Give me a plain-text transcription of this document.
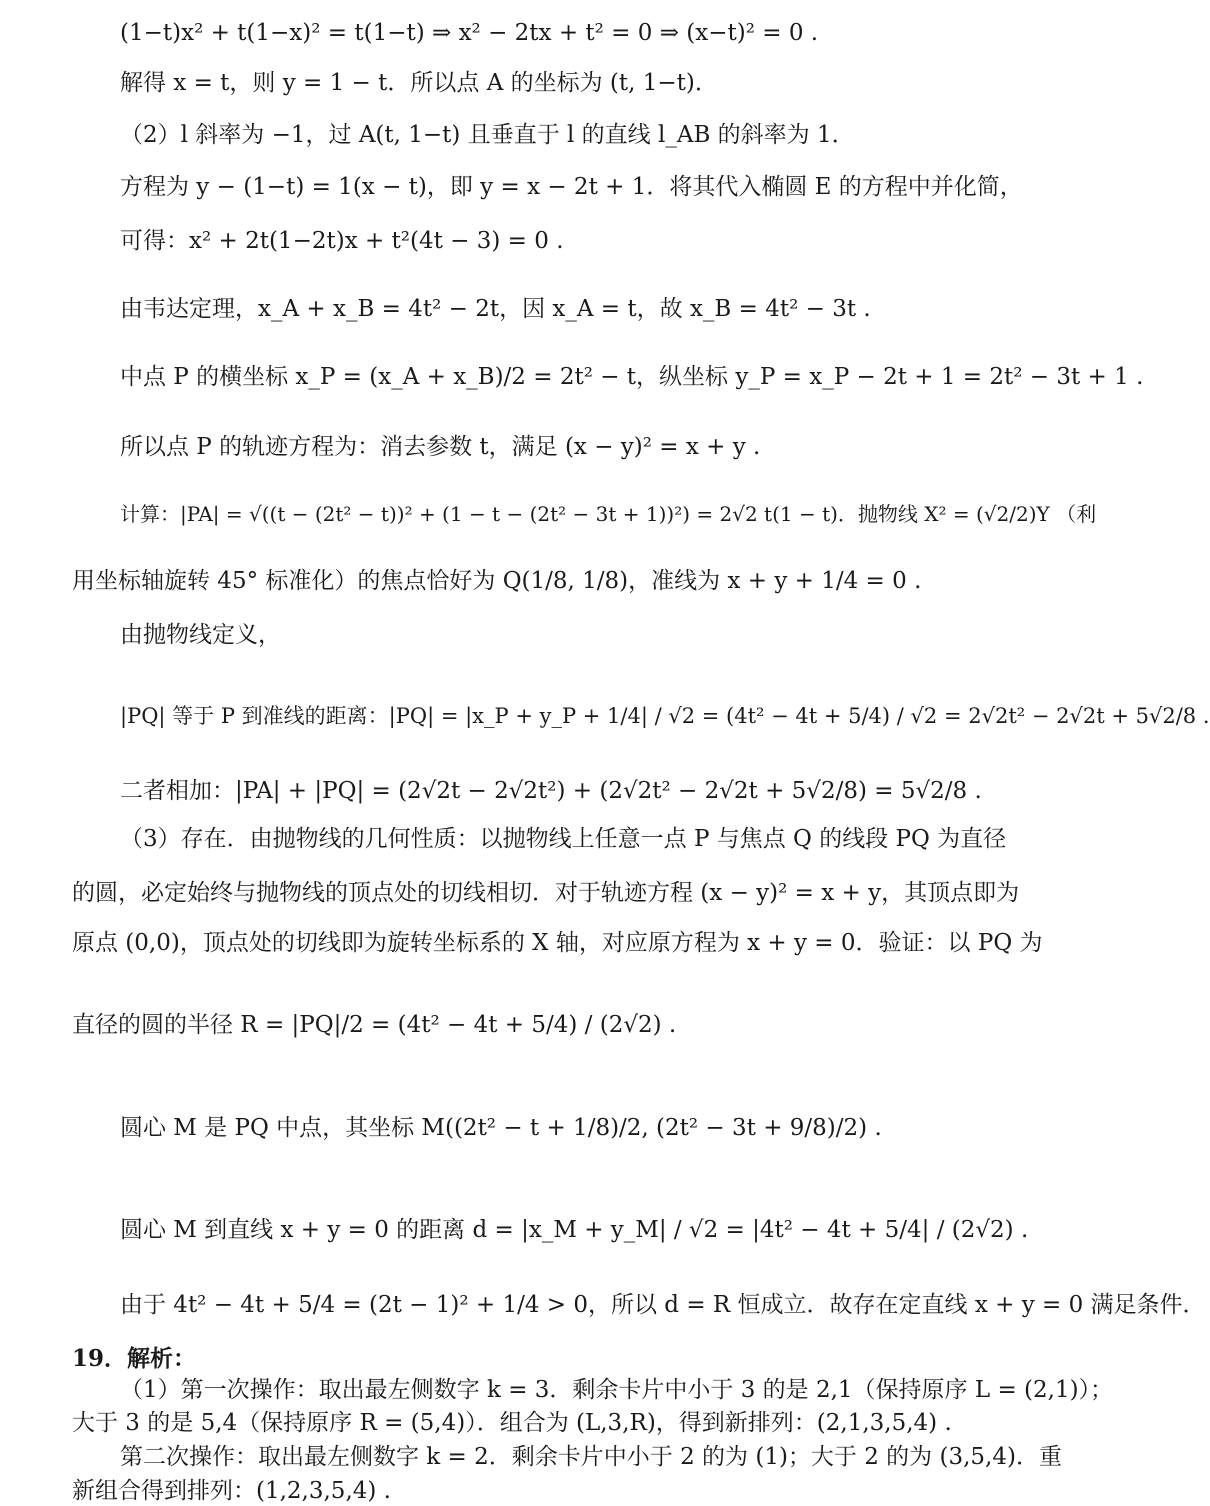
(1−t)x² + t(1−x)² = t(1−t) ⇒ x² − 2tx + t² = 0 ⇒ (x−t)² = 0 .
解得 x = t，则 y = 1 − t．所以点 A 的坐标为 (t, 1−t)．
（2）l 斜率为 −1，过 A(t, 1−t) 且垂直于 l 的直线 l_AB 的斜率为 1．
方程为 y − (1−t) = 1(x − t)，即 y = x − 2t + 1．将其代入椭圆 E 的方程中并化简，
可得：x² + 2t(1−2t)x + t²(4t − 3) = 0 .
由韦达定理，x_A + x_B = 4t² − 2t，因 x_A = t，故 x_B = 4t² − 3t .
中点 P 的横坐标 x_P = (x_A + x_B)/2 = 2t² − t，纵坐标 y_P = x_P − 2t + 1 = 2t² − 3t + 1 .
所以点 P 的轨迹方程为：消去参数 t，满足 (x − y)² = x + y .
计算：|PA| = √((t − (2t² − t))² + (1 − t − (2t² − 3t + 1))²) = 2√2 t(1 − t)．抛物线 X² = (√2/2)Y （利
用坐标轴旋转 45° 标准化）的焦点恰好为 Q(1/8, 1/8)，准线为 x + y + 1/4 = 0 .
由抛物线定义，
|PQ| 等于 P 到准线的距离：|PQ| = |x_P + y_P + 1/4| / √2 = (4t² − 4t + 5/4) / √2 = 2√2t² − 2√2t + 5√2/8 .
二者相加：|PA| + |PQ| = (2√2t − 2√2t²) + (2√2t² − 2√2t + 5√2/8) = 5√2/8 .
（3）存在．由抛物线的几何性质：以抛物线上任意一点 P 与焦点 Q 的线段 PQ 为直径
的圆，必定始终与抛物线的顶点处的切线相切．对于轨迹方程 (x − y)² = x + y，其顶点即为
原点 (0,0)，顶点处的切线即为旋转坐标系的 X 轴，对应原方程为 x + y = 0．验证：以 PQ 为
直径的圆的半径 R = |PQ|/2 = (4t² − 4t + 5/4) / (2√2) .
圆心 M 是 PQ 中点，其坐标 M((2t² − t + 1/8)/2, (2t² − 3t + 9/8)/2) .
圆心 M 到直线 x + y = 0 的距离 d = |x_M + y_M| / √2 = |4t² − 4t + 5/4| / (2√2) .
由于 4t² − 4t + 5/4 = (2t − 1)² + 1/4 > 0，所以 d = R 恒成立．故存在定直线 x + y = 0 满足条件．
19．解析：
（1）第一次操作：取出最左侧数字 k = 3．剩余卡片中小于 3 的是 2,1（保持原序 L = (2,1)）；
大于 3 的是 5,4（保持原序 R = (5,4)）．组合为 (L,3,R)，得到新排列：(2,1,3,5,4) .
第二次操作：取出最左侧数字 k = 2．剩余卡片中小于 2 的为 (1)；大于 2 的为 (3,5,4)．重
新组合得到排列：(1,2,3,5,4) .
